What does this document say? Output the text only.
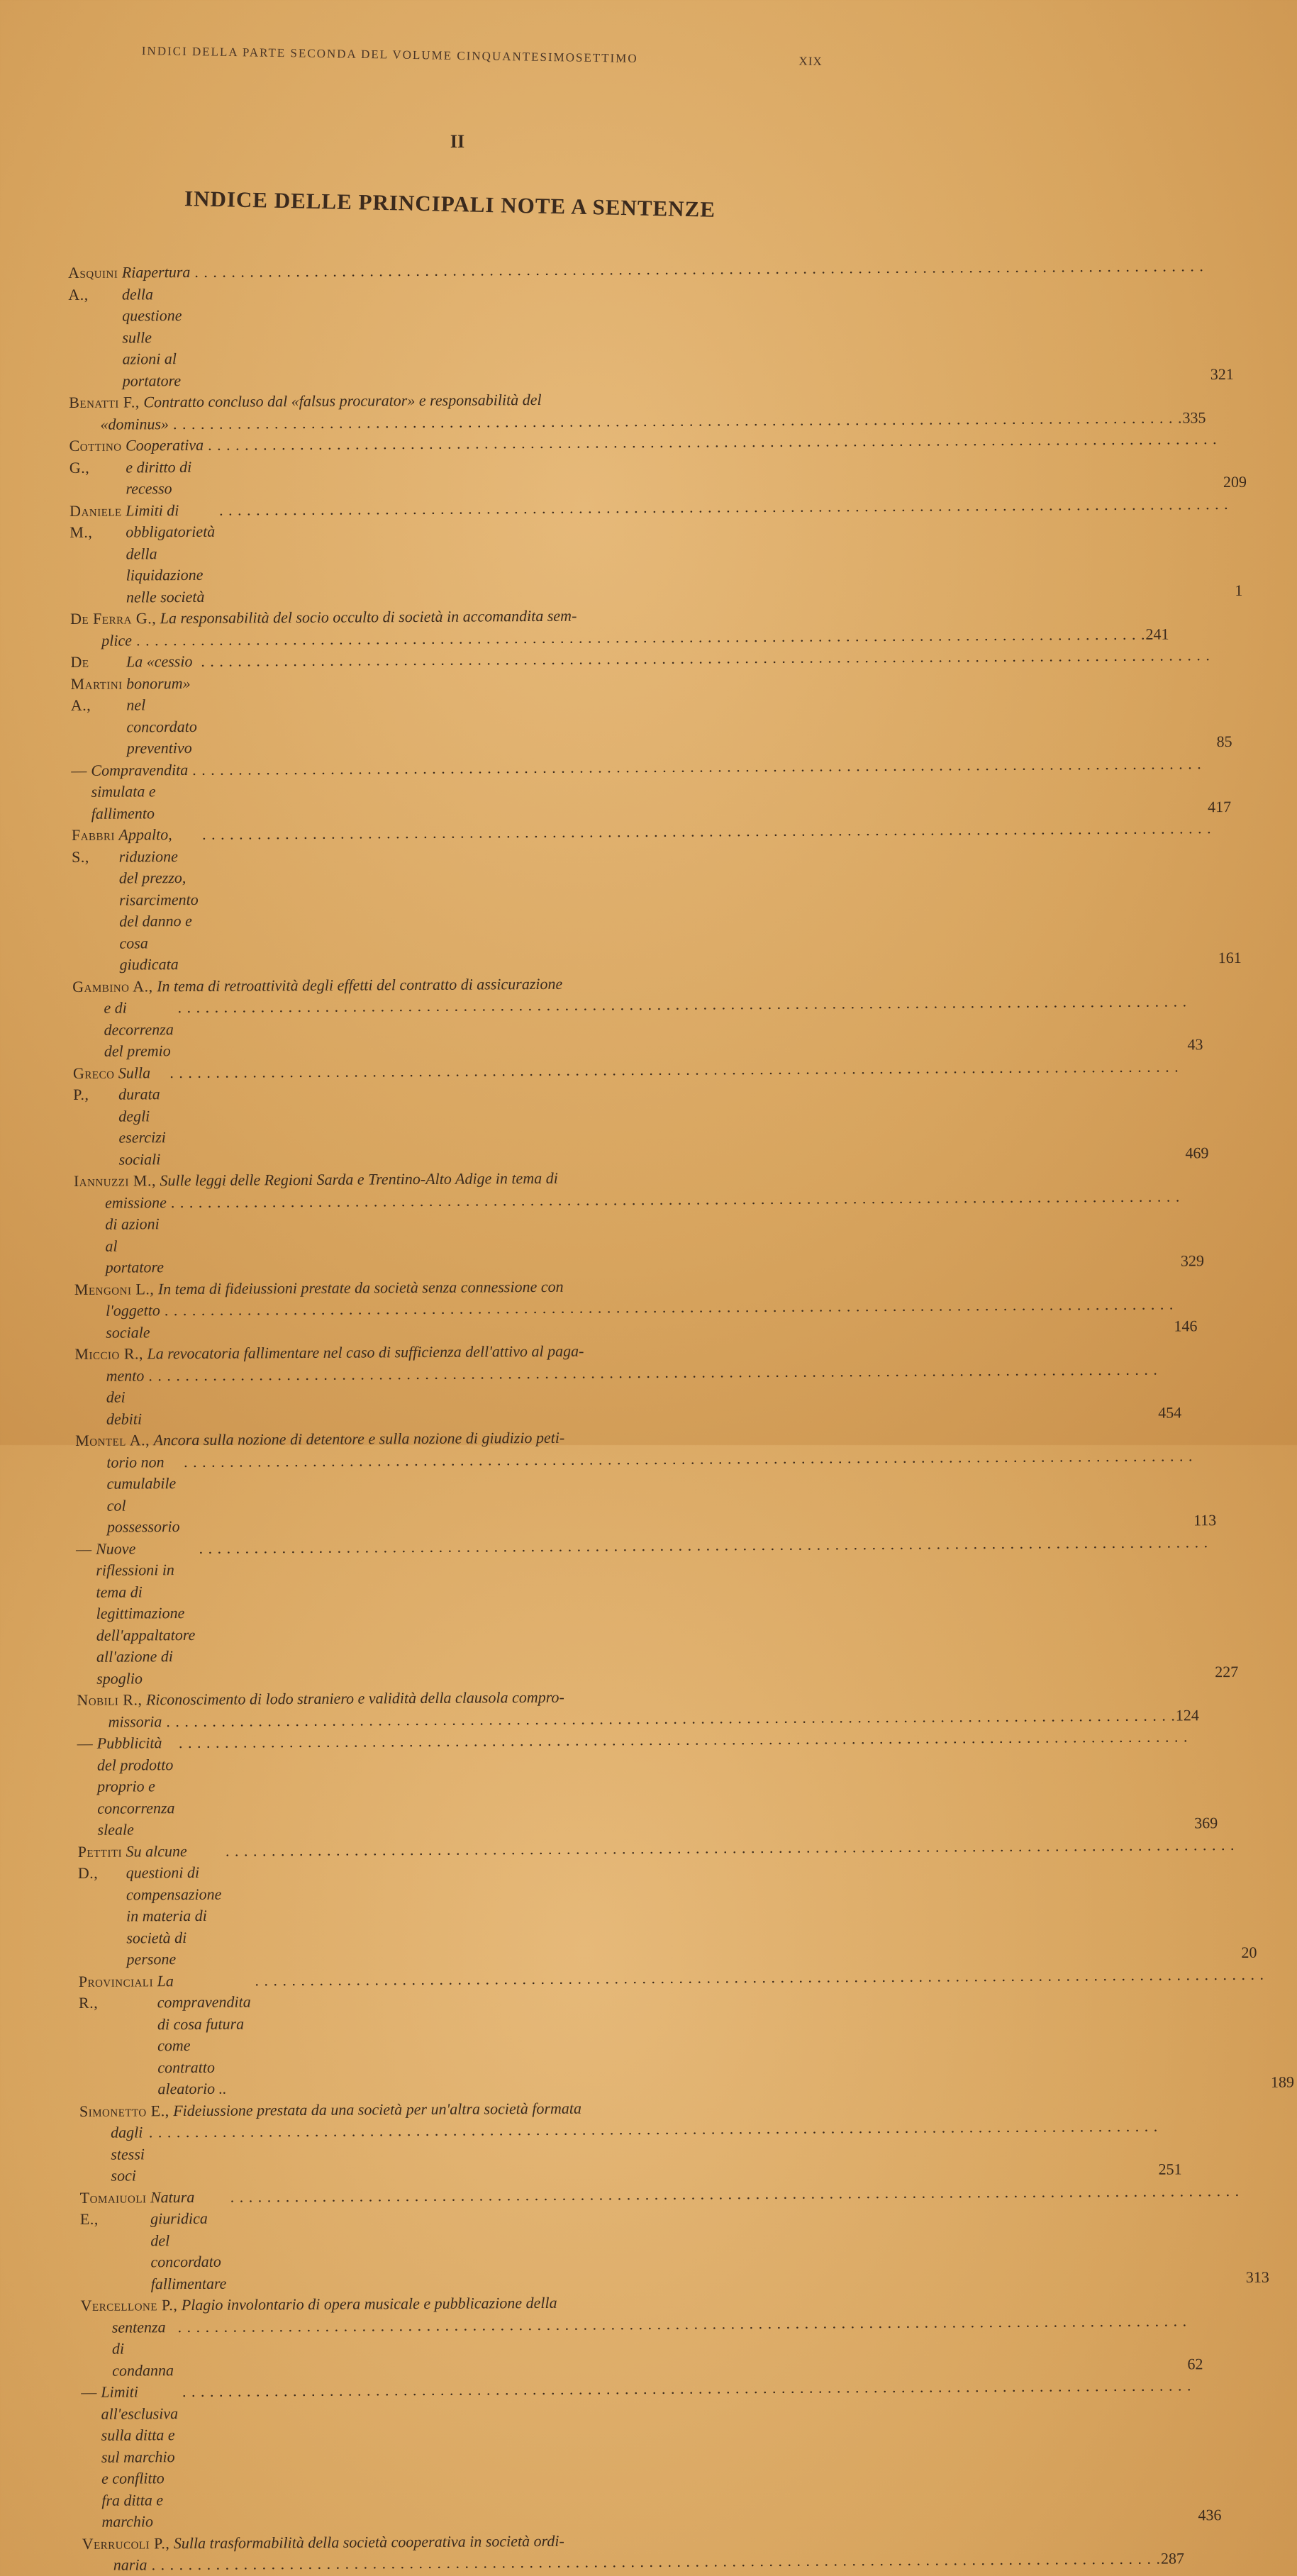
INDICI DELLA PARTE SECONDA DEL VOLUME CINQUANTESIMOSETTIMO	XIX
II
INDICE DELLE PRINCIPALI NOTE A SENTENZE
Asquini A.,

Riapertura della questione sulle azioni al portatore . . .	321
Benatti F., Contratto concluso dal «falsus procurator» e responsabilità del
«dominus» . . .	335
Cottino G.,

Cooperativa e diritto di recesso . . .	209
Daniele M.,

Limiti di obbligatorietà della liquidazione nelle società . . .	1
De Ferra G., La responsabilità del socio occulto di società in accomandita sem-
plice . . .	241
De Martini A.,

La «cessio bonorum» nel concordato preventivo . . .	85
—
Compravendita simulata e fallimento . . .	417
Fabbri S.,

Appalto, riduzione del prezzo, risarcimento del danno e cosa giudicata . . .	161
Gambino A., In tema di retroattività degli effetti del contratto di assicurazione
e di decorrenza del premio . . .	43
Greco P.,

Sulla durata degli esercizi sociali . . .	469
Iannuzzi M., Sulle leggi delle Regioni Sarda e Trentino-Alto Adige in tema di
emissione di azioni al portatore . . .	329
Mengoni L., In tema di fideiussioni prestate da società senza connessione con
l'oggetto sociale . . .	146
Miccio R., La revocatoria fallimentare nel caso di sufficienza dell'attivo al paga-
mento dei debiti . . .	454
Montel A., Ancora sulla nozione di detentore e sulla nozione di giudizio peti-
torio non cumulabile col possessorio . . .	113
—
Nuove riflessioni in tema di legittimazione dell'appaltatore all'azione di spoglio . . .	227
Nobili R., Riconoscimento di lodo straniero e validità della clausola compro-
missoria . . .	124
—
Pubblicità del prodotto proprio e concorrenza sleale . . .	369
Pettiti D.,

Su alcune questioni di compensazione in materia di società di persone . . .	20
Provinciali R.,

La compravendita di cosa futura come contratto aleatorio .. . . .	189
Simonetto E., Fideiussione prestata da una società per un'altra società formata
dagli stessi soci . . .	251
Tomaiuoli E.,

Natura giuridica del concordato fallimentare . . .	313
Vercellone P., Plagio involontario di opera musicale e pubblicazione della
sentenza di condanna . . .	62
—
Limiti all'esclusiva sulla ditta e sul marchio e conflitto fra ditta e marchio . . .	436
Verrucoli P., Sulla trasformabilità della società cooperativa in società ordi-
naria . . .	287
